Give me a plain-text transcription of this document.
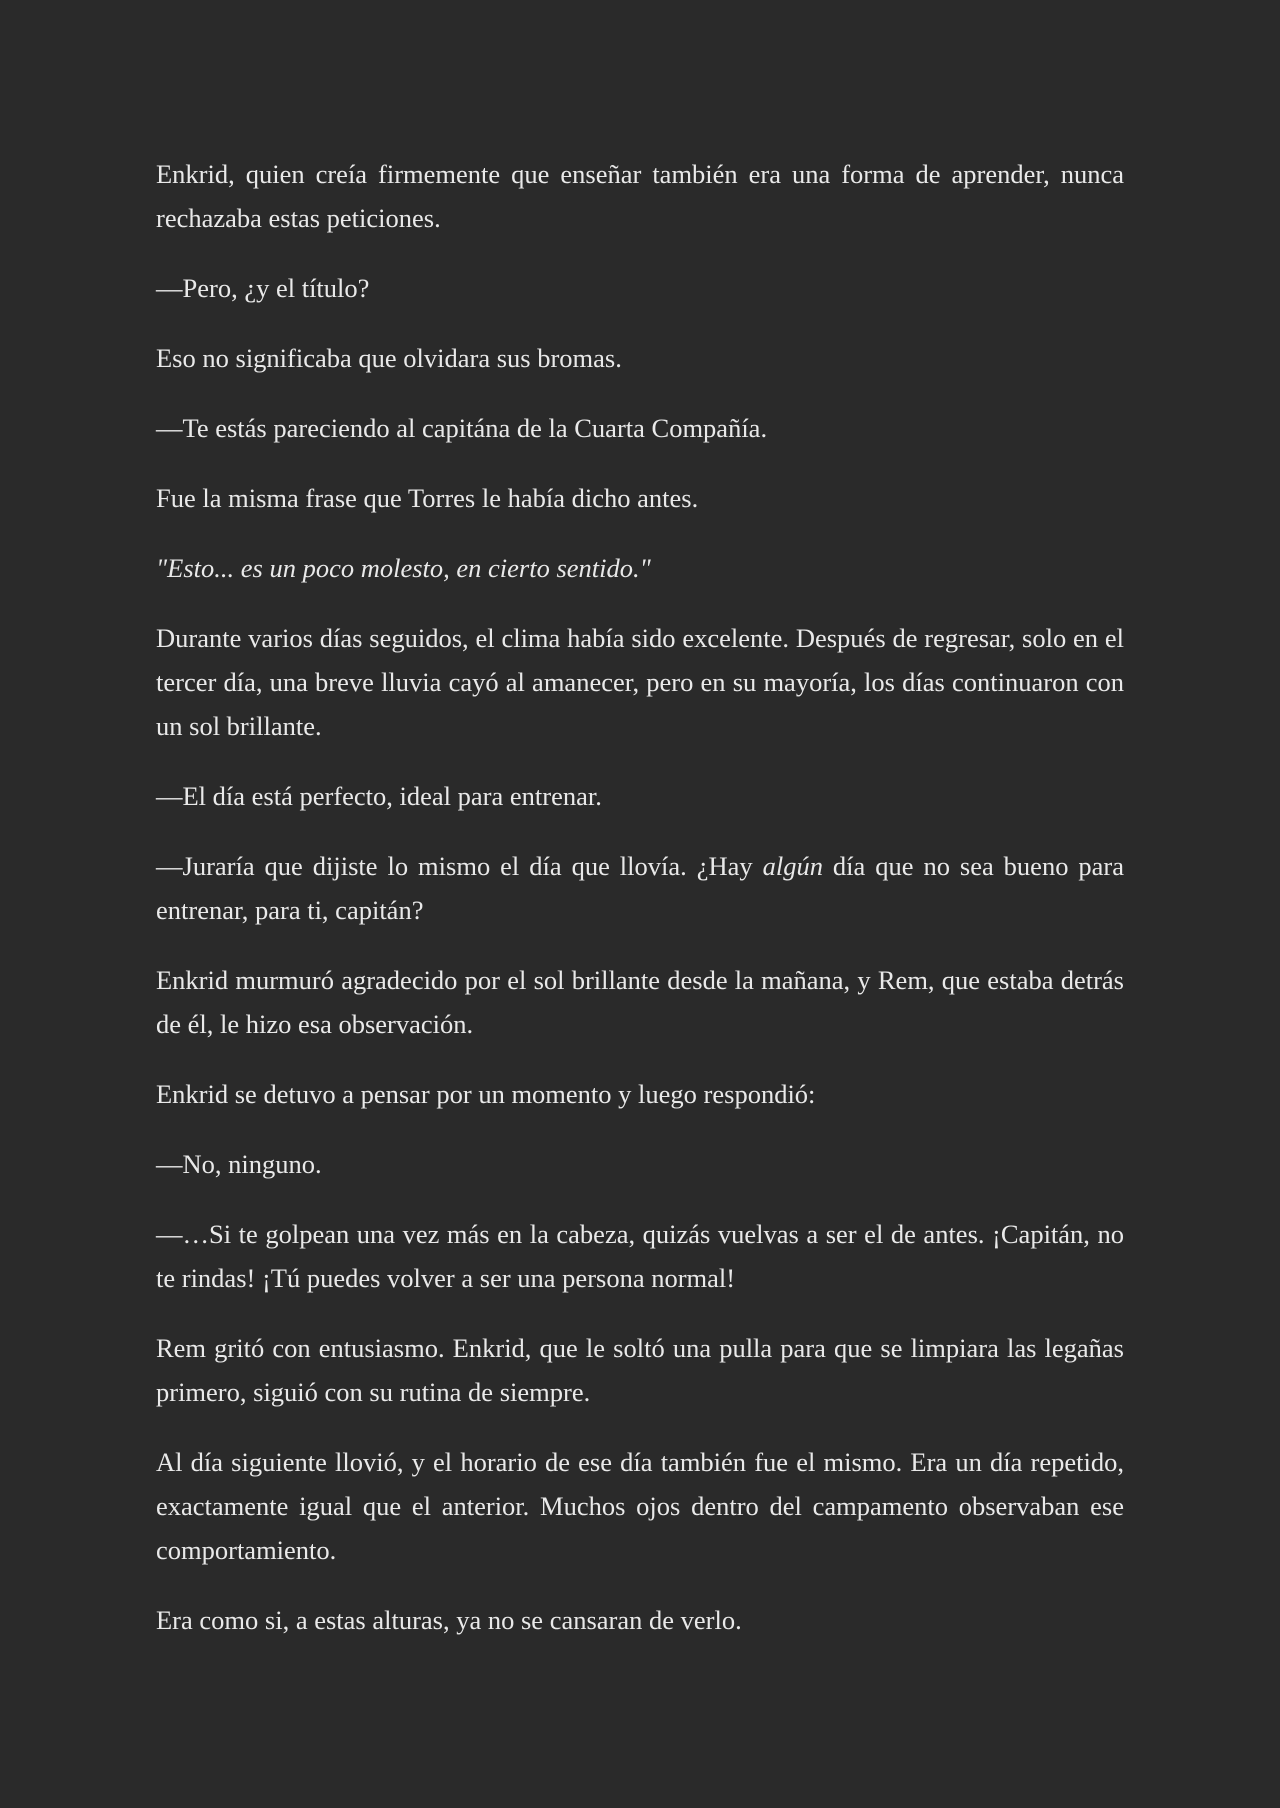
Enkrid, quien creía firmemente que enseñar también era una forma de aprender, nunca rechazaba estas peticiones.

—Pero, ¿y el título?

Eso no significaba que olvidara sus bromas.

—Te estás pareciendo al capitána de la Cuarta Compañía.

Fue la misma frase que Torres le había dicho antes.

"Esto... es un poco molesto, en cierto sentido."

Durante varios días seguidos, el clima había sido excelente. Después de regresar, solo en el tercer día, una breve lluvia cayó al amanecer, pero en su mayoría, los días continuaron con un sol brillante.

—El día está perfecto, ideal para entrenar.

—Juraría que dijiste lo mismo el día que llovía. ¿Hay algún día que no sea bueno para entrenar, para ti, capitán?

Enkrid murmuró agradecido por el sol brillante desde la mañana, y Rem, que estaba detrás de él, le hizo esa observación.

Enkrid se detuvo a pensar por un momento y luego respondió:

—No, ninguno.

—…Si te golpean una vez más en la cabeza, quizás vuelvas a ser el de antes. ¡Capitán, no te rindas! ¡Tú puedes volver a ser una persona normal!

Rem gritó con entusiasmo. Enkrid, que le soltó una pulla para que se limpiara las legañas primero, siguió con su rutina de siempre.

Al día siguiente llovió, y el horario de ese día también fue el mismo. Era un día repetido, exactamente igual que el anterior. Muchos ojos dentro del campamento observaban ese comportamiento.

Era como si, a estas alturas, ya no se cansaran de verlo.
